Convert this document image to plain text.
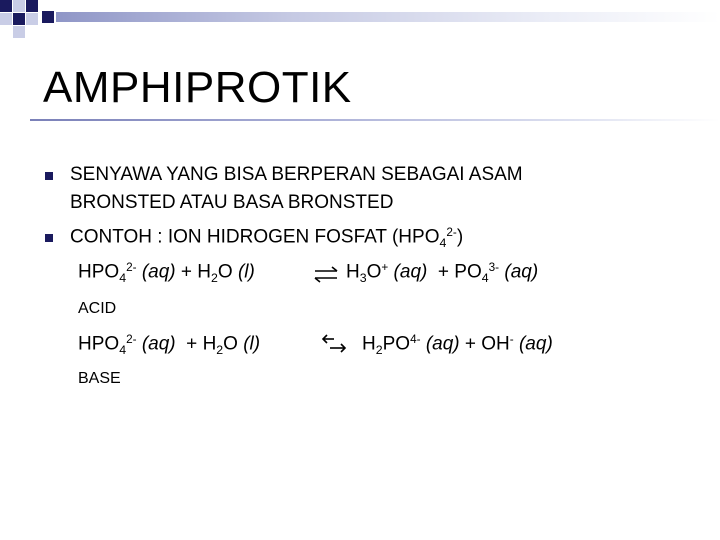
AMPHIPROTIK
SENYAWA YANG BISA BERPERAN SEBAGAI ASAM
BRONSTED ATAU BASA BRONSTED
CONTOH : ION HIDROGEN FOSFAT $(HPO_4^{2-})$
$HPO_4^{2-}$ $(aq) + H_2O$ (l)	⇌ $H_3O^+$ $(aq) + PO_4^{3-}$ (aq)
ACID
$HPO_4^{2-}$ $(aq) + H_2O$ (l)	$H_2PO^{4-}$ (aq) + OH- (aq)
BASE
